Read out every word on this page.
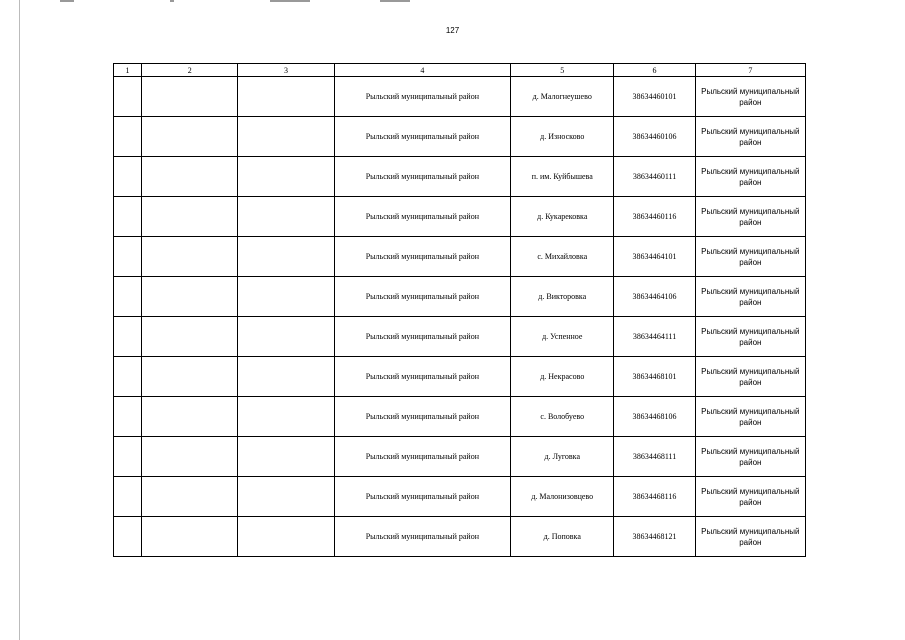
127
1	2	3	4	5	6	7
			Рыльский муниципальный район	д. Малогнеушево	38634460101	Рыльский муниципальный район
			Рыльский муниципальный район	д. Износково	38634460106	Рыльский муниципальный район
			Рыльский муниципальный район	п. им. Куйбышева	38634460111	Рыльский муниципальный район
			Рыльский муниципальный район	д. Кукарековка	38634460116	Рыльский муниципальный район
			Рыльский муниципальный район	с. Михайловка	38634464101	Рыльский муниципальный район
			Рыльский муниципальный район	д. Викторовка	38634464106	Рыльский муниципальный район
			Рыльский муниципальный район	д. Успенное	38634464111	Рыльский муниципальный район
			Рыльский муниципальный район	д. Некрасово	38634468101	Рыльский муниципальный район
			Рыльский муниципальный район	с. Волобуево	38634468106	Рыльский муниципальный район
			Рыльский муниципальный район	д. Луговка	38634468111	Рыльский муниципальный район
			Рыльский муниципальный район	д. Малонизовцево	38634468116	Рыльский муниципальный район
			Рыльский муниципальный район	д. Поповка	38634468121	Рыльский муниципальный район
